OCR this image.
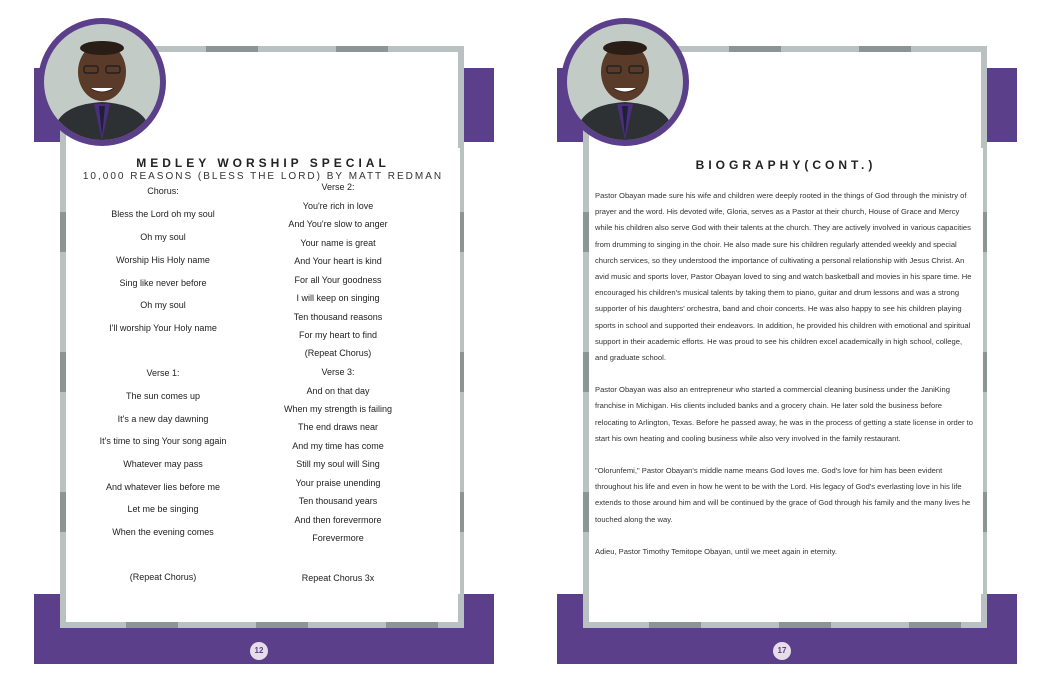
A JOYOUS LIFE IN THE LORD'S SERVICE
Pastor Timothy Temitope Obayan
MAY 14, 1965 - AUGUST 22, 2020
MEDLEY WORSHIP SPECIAL
10,000 REASONS (BLESS THE LORD) BY MATT REDMAN
Chorus:
Bless the Lord oh my soul
Oh my soul
Worship His Holy name
Sing like never before
Oh my soul
I'll worship Your Holy name
Verse 1:
The sun comes up
It's a new day dawning
It's time to sing Your song again
Whatever may pass
And whatever lies before me
Let me be singing
When the evening comes
(Repeat Chorus)
Verse 2:
You're rich in love
And You're slow to anger
Your name is great
And Your heart is kind
For all Your goodness
I will keep on singing
Ten thousand reasons
For my heart to find
(Repeat Chorus)
Verse 3:
And on that day
When my strength is failing
The end draws near
And my time has come
Still my soul will Sing
Your praise unending
Ten thousand years
And then forevermore
Forevermore
Repeat Chorus 3x
12
A JOYOUS LIFE IN THE LORD'S SERVICE
Pastor Timothy Temitope Obayan
MAY 14, 1965 - AUGUST 22, 2020
BIOGRAPHY(CONT.)

Pastor Obayan made sure his wife and children were deeply rooted in the things of God through the ministry of prayer and the word. His devoted wife, Gloria, serves as a Pastor at their church, House of Grace and Mercy while his children also serve God with their talents at the church. They are actively involved in various capacities from drumming to singing in the choir. He also made sure his children regularly attended weekly and special church services, so they understood the importance of cultivating a personal relationship with Jesus Christ. An avid music and sports lover, Pastor Obayan loved to sing and watch basketball and movies in his spare time. He encouraged his children's musical talents by taking them to piano, guitar and drum lessons and was a strong supporter of his daughters' orchestra, band and choir concerts. He was also happy to see his children playing sports in school and supported their endeavors. In addition, he provided his children with emotional and spiritual support in their academic efforts. He was proud to see his children excel academically in high school, college, and graduate school.

Pastor Obayan was also an entrepreneur who started a commercial cleaning business under the JaniKing franchise in Michigan. His clients included banks and a grocery chain. He later sold the business before relocating to Arlington, Texas. Before he passed away, he was in the process of getting a state license in order to start his own heating and cooling business while also very involved in the family restaurant.

"Olorunfemi," Pastor Obayan's middle name means God loves me. God's love for him has been evident throughout his life and even in how he went to be with the Lord. His legacy of God's everlasting love in his life extends to those around him and will be continued by the grace of God through his family and the many lives he touched along the way.

Adieu, Pastor Timothy Temitope Obayan, until we meet again in eternity.

17
